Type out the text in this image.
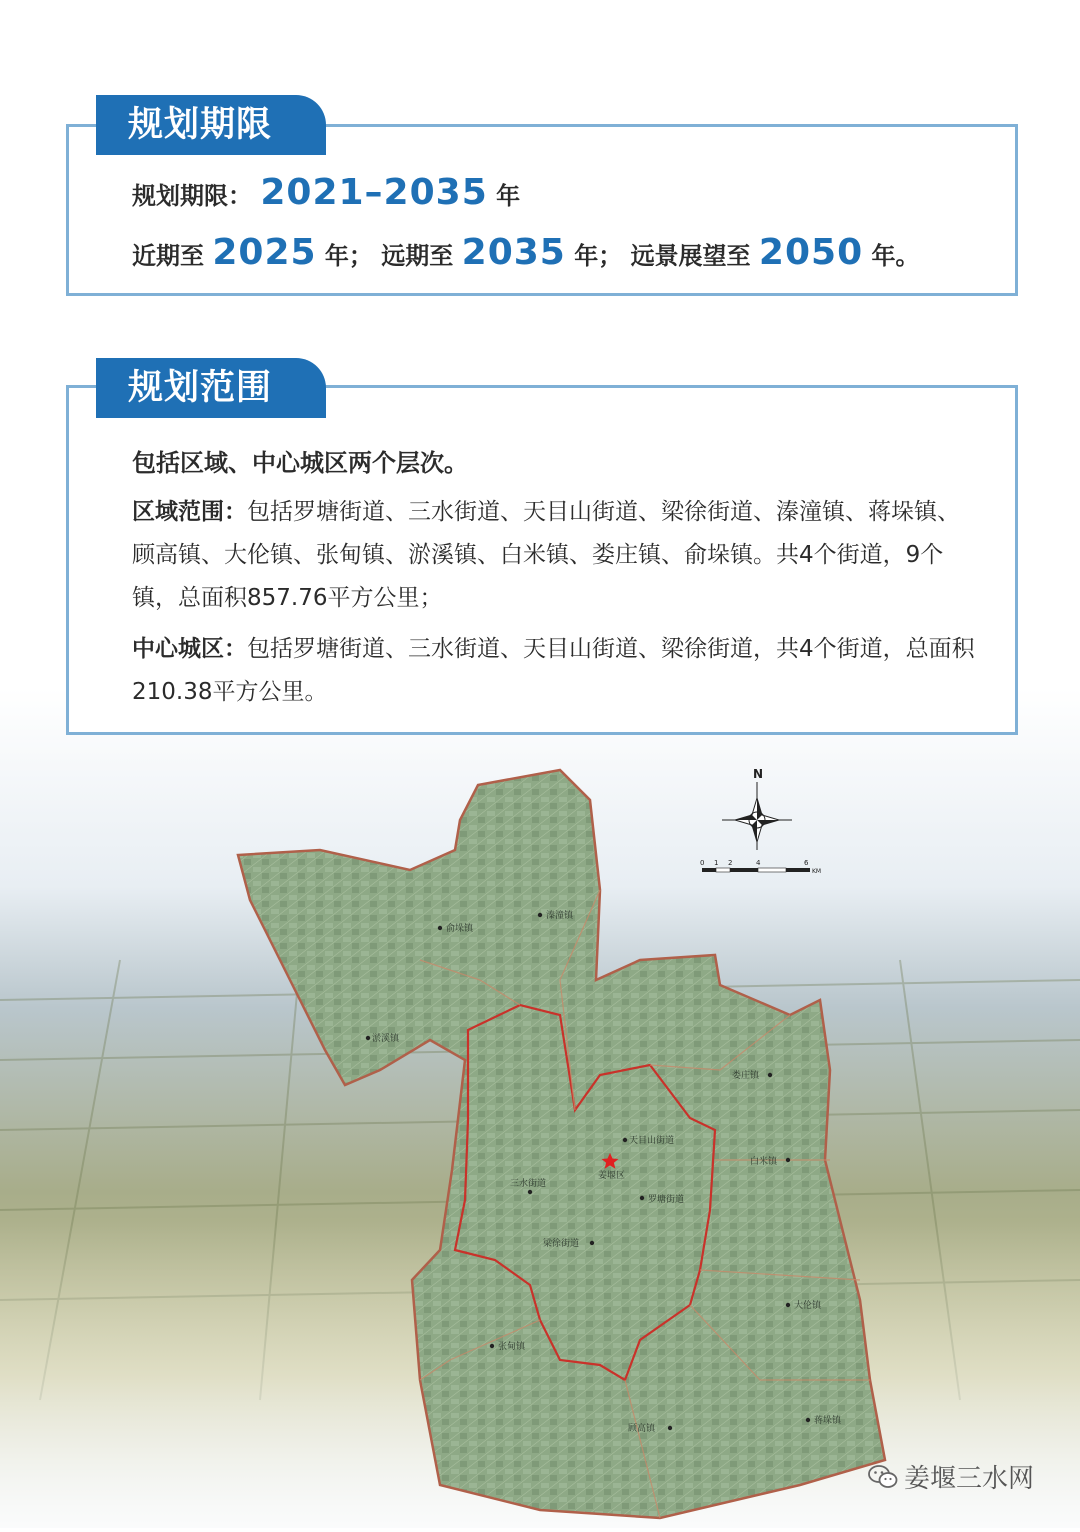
规划期限
规划期限： 2021–2035 年
近期至 2025 年； 远期至 2035 年； 远景展望至 2050 年。
规划范围
包括区域、中心城区两个层次。
区域范围：包括罗塘街道、三水街道、天目山街道、梁徐街道、溱潼镇、蒋垛镇、顾高镇、大伦镇、张甸镇、淤溪镇、白米镇、娄庄镇、俞垛镇。共4个街道，9个镇，总面积857.76平方公里；
中心城区：包括罗塘街道、三水街道、天目山街道、梁徐街道，共4个街道，总面积210.38平方公里。
俞垛镇
溱潼镇
淤溪镇
娄庄镇
天目山街道
姜堰区
三水街道
罗塘街道
白米镇
梁徐街道
大伦镇
张甸镇
顾高镇
蒋垛镇
N
0 1 2	4	6
KM
姜堰三水网
